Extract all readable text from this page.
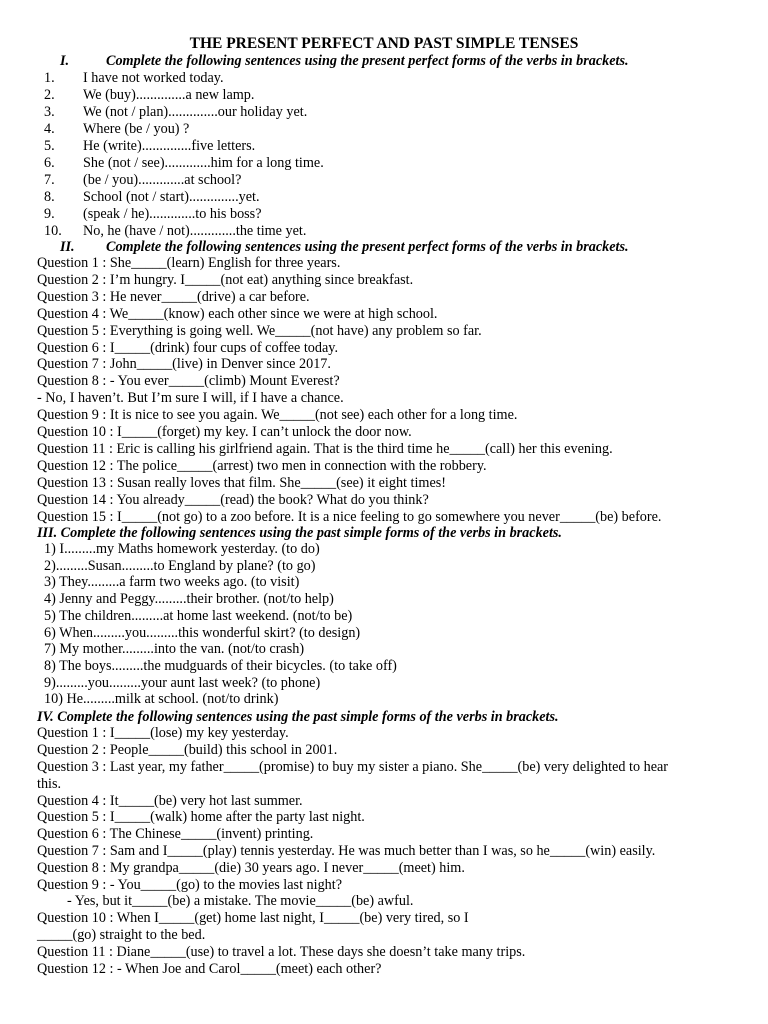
THE PRESENT PERFECT AND PAST SIMPLE TENSES
I.	Complete the following sentences using the present perfect forms of the verbs in brackets.
1. I have not worked today.
2. We (buy)..............a new lamp.
3. We (not / plan)..............our holiday yet.
4. Where (be / you) ?
5. He (write)..............five letters.
6. She (not / see).............him for a long time.
7. (be / you).............at school?
8. School (not / start)..............yet.
9. (speak / he).............to his boss?
10. No, he (have / not).............the time yet.
II. Complete the following sentences using the present perfect forms of the verbs in brackets.
Question 1 : She_____(learn) English for three years.
Question 2 : I’m hungry. I_____(not eat) anything since breakfast.
Question 3 : He never_____(drive) a car before.
Question 4 : We_____(know) each other since we were at high school.
Question 5 : Everything is going well. We_____(not have) any problem so far.
Question 6 : I_____(drink) four cups of coffee today.
Question 7 : John_____(live) in Denver since 2017.
Question 8 : - You ever_____(climb) Mount Everest?
- No, I haven’t. But I’m sure I will, if I have a chance.
Question 9 : It is nice to see you again. We_____(not see) each other for a long time.
Question 10 : I_____(forget) my key. I can’t unlock the door now.
Question 11 : Eric is calling his girlfriend again. That is the third time he_____(call) her this evening.
Question 12 : The police_____(arrest) two men in connection with the robbery.
Question 13 : Susan really loves that film. She_____(see) it eight times!
Question 14 : You already_____(read) the book? What do you think?
Question 15 : I_____(not go) to a zoo before. It is a nice feeling to go somewhere you never_____(be) before.
III. Complete the following sentences using the past simple forms of the verbs in brackets.
1) I.........my Maths homework yesterday. (to do)
2).........Susan.........to England by plane? (to go)
3) They.........a farm two weeks ago. (to visit)
4) Jenny and Peggy.........their brother. (not/to help)
5) The children.........at home last weekend. (not/to be)
6) When.........you.........this wonderful skirt? (to design)
7) My mother.........into the van. (not/to crash)
8) The boys.........the mudguards of their bicycles. (to take off)
9).........you.........your aunt last week? (to phone)
10) He.........milk at school. (not/to drink)
IV. Complete the following sentences using the past simple forms of the verbs in brackets.
Question 1 : I_____(lose) my key yesterday.
Question 2 : People_____(build) this school in 2001.
Question 3 : Last year, my father_____(promise) to buy my sister a piano. She_____(be) very delighted to hear
this.
Question 4 : It_____(be) very hot last summer.
Question 5 : I_____(walk) home after the party last night.
Question 6 : The Chinese_____(invent) printing.
Question 7 : Sam and I_____(play) tennis yesterday. He was much better than I was, so he_____(win) easily.
Question 8 : My grandpa_____(die) 30 years ago. I never_____(meet) him.
Question 9 : - You_____(go) to the movies last night?
- Yes, but it_____(be) a mistake. The movie_____(be) awful.
Question 10 : When I_____(get) home last night, I_____(be) very tired, so I
_____(go) straight to the bed.
Question 11 : Diane_____(use) to travel a lot. These days she doesn’t take many trips.
Question 12 : - When Joe and Carol_____(meet) each other?
